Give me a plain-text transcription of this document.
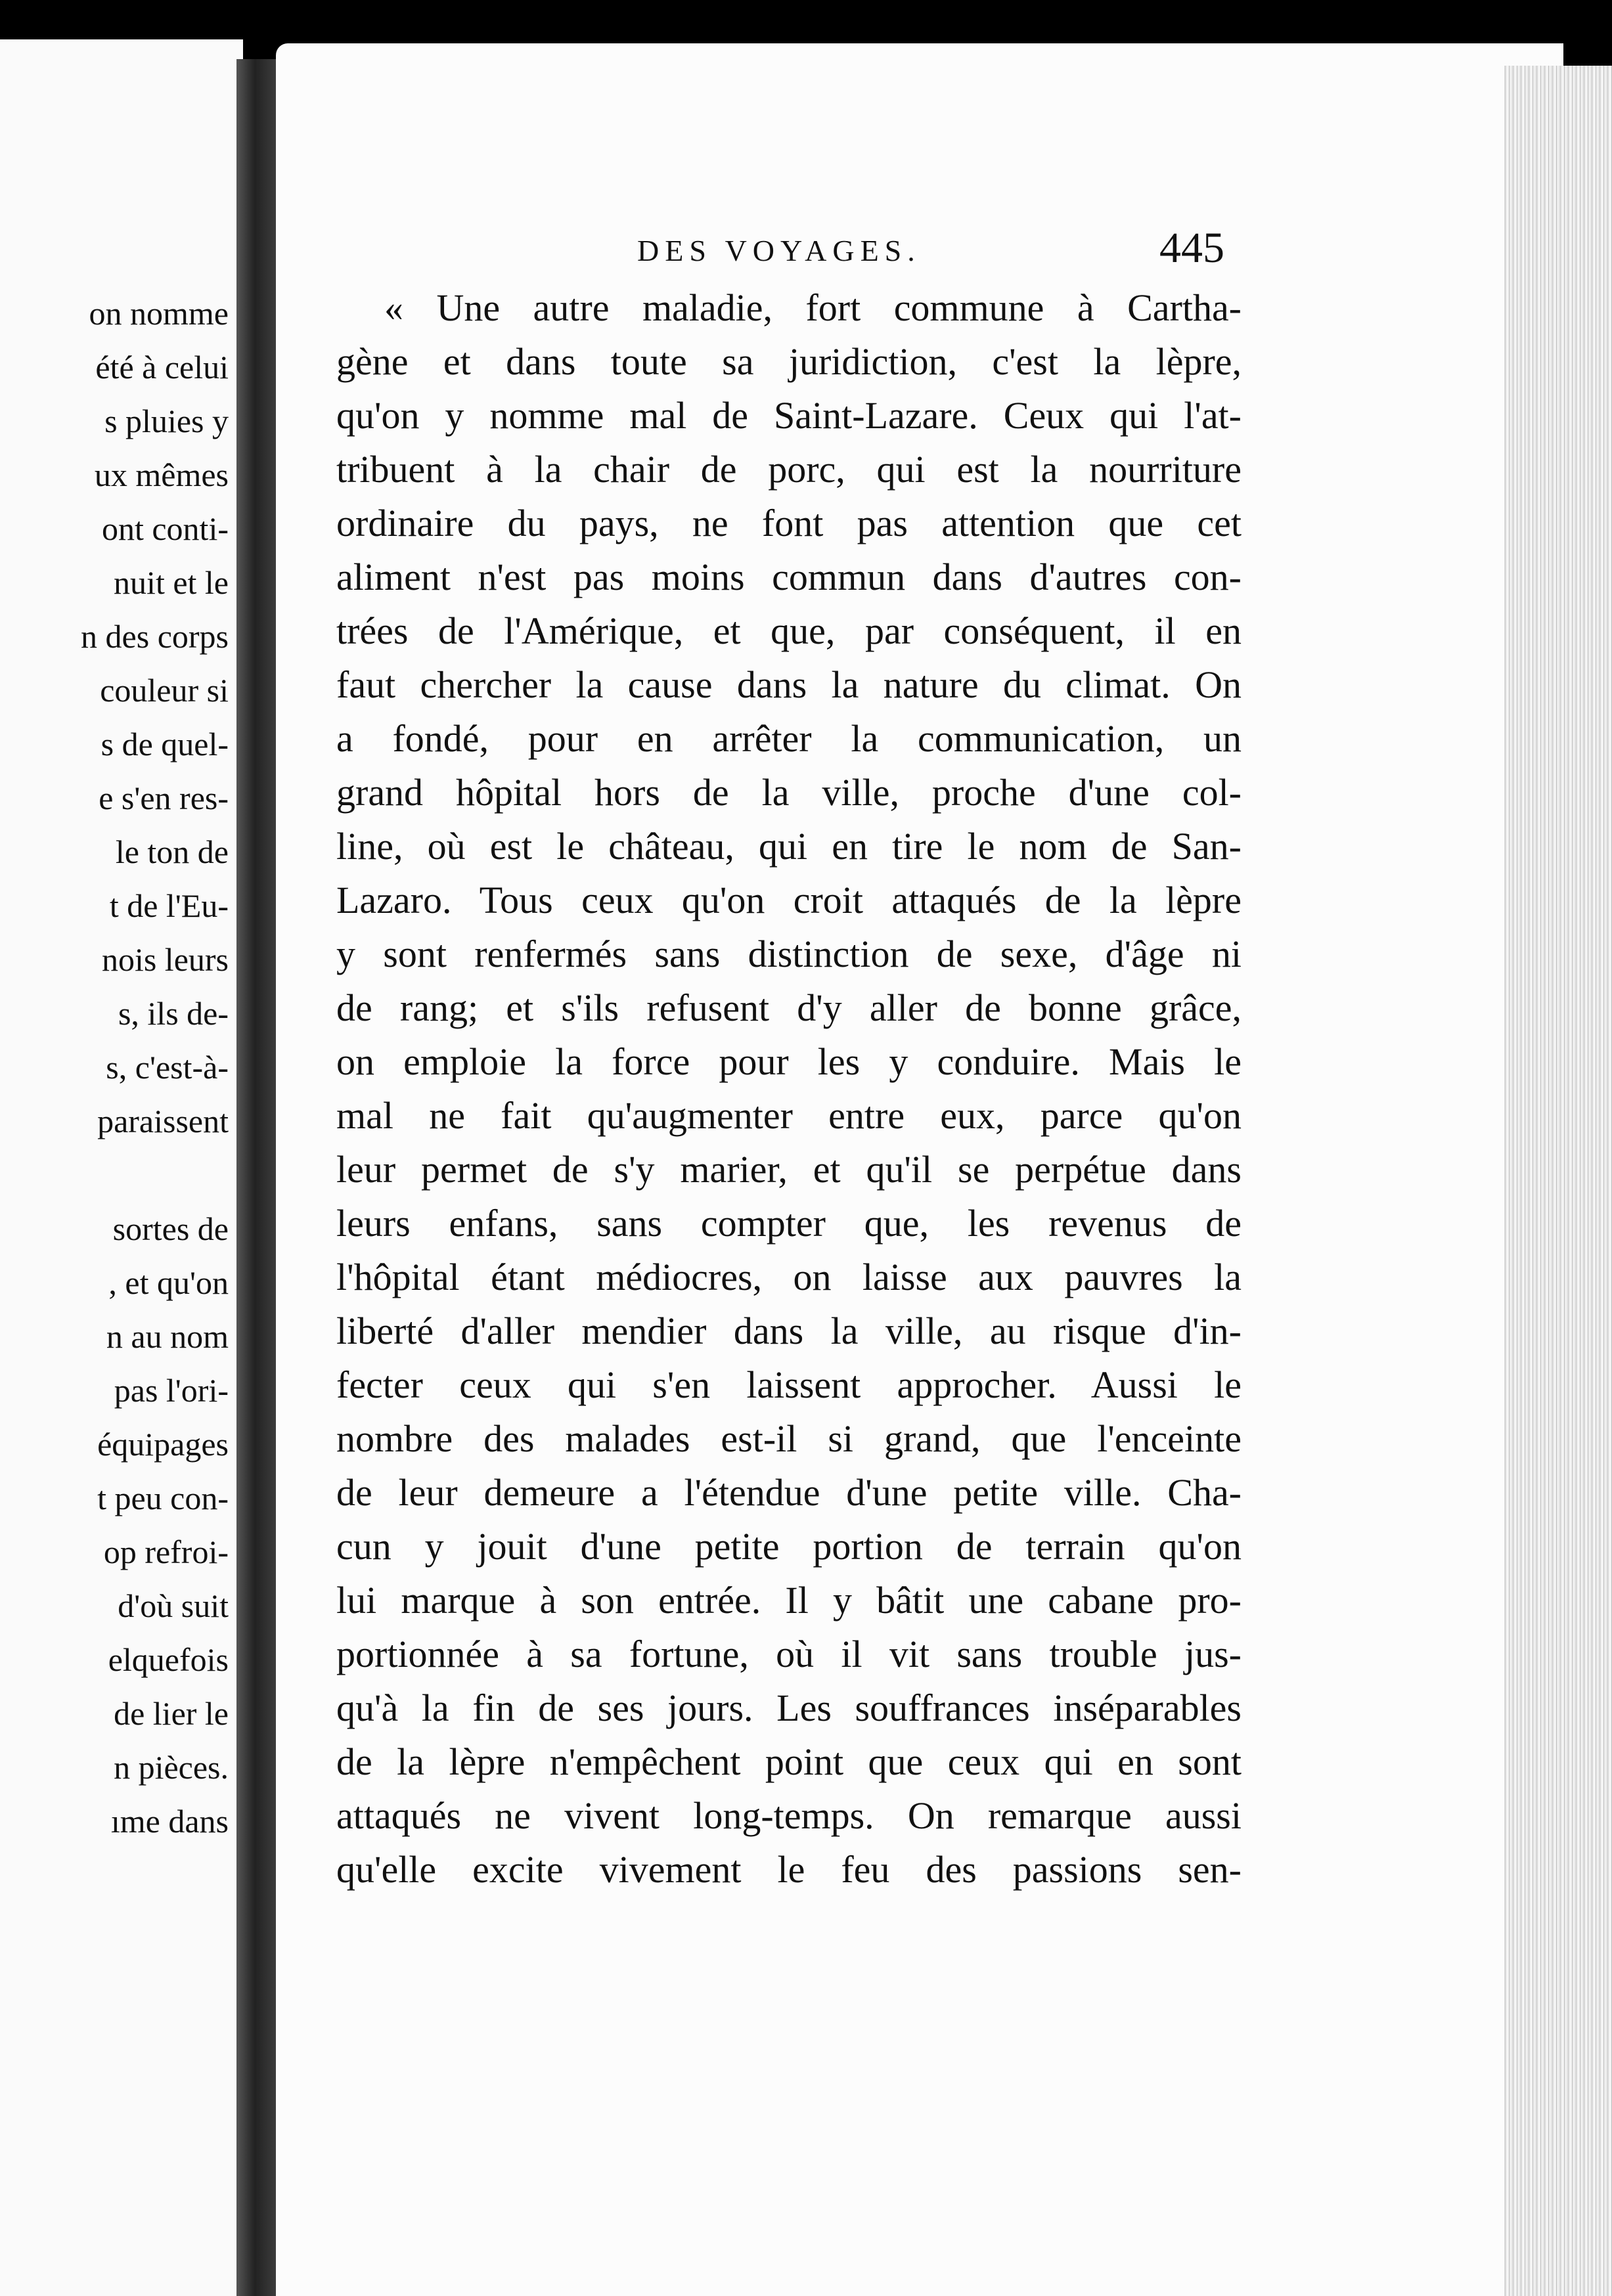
on nomme
été à celui
s pluies y
ux mêmes
ont conti-
nuit et le
n des corps
couleur si
s de quel-
e s'en res-
le ton de
t de l'Eu-
nois leurs
s, ils de-
s, c'est-à-
paraissent
sortes de
, et qu'on
n au nom
pas l'ori-
équipages
t peu con-
op refroi-
d'où suit
elquefois
de lier le
n pièces.
ıme dans
DES VOYAGES.	445
« Une autre maladie, fort commune à Cartha-
gène et dans toute sa juridiction, c'est la lèpre,
qu'on y nomme mal de Saint-Lazare. Ceux qui l'at-
tribuent à la chair de porc, qui est la nourriture
ordinaire du pays, ne font pas attention que cet
aliment n'est pas moins commun dans d'autres con-
trées de l'Amérique, et que, par conséquent, il en
faut chercher la cause dans la nature du climat. On
a fondé, pour en arrêter la communication, un
grand hôpital hors de la ville, proche d'une col-
line, où est le château, qui en tire le nom de San-
Lazaro. Tous ceux qu'on croit attaqués de la lèpre
y sont renfermés sans distinction de sexe, d'âge ni
de rang; et s'ils refusent d'y aller de bonne grâce,
on emploie la force pour les y conduire. Mais le
mal ne fait qu'augmenter entre eux, parce qu'on
leur permet de s'y marier, et qu'il se perpétue dans
leurs enfans, sans compter que, les revenus de
l'hôpital étant médiocres, on laisse aux pauvres la
liberté d'aller mendier dans la ville, au risque d'in-
fecter ceux qui s'en laissent approcher. Aussi le
nombre des malades est-il si grand, que l'enceinte
de leur demeure a l'étendue d'une petite ville. Cha-
cun y jouit d'une petite portion de terrain qu'on
lui marque à son entrée. Il y bâtit une cabane pro-
portionnée à sa fortune, où il vit sans trouble jus-
qu'à la fin de ses jours. Les souffrances inséparables
de la lèpre n'empêchent point que ceux qui en sont
attaqués ne vivent long-temps. On remarque aussi
qu'elle excite vivement le feu des passions sen-
